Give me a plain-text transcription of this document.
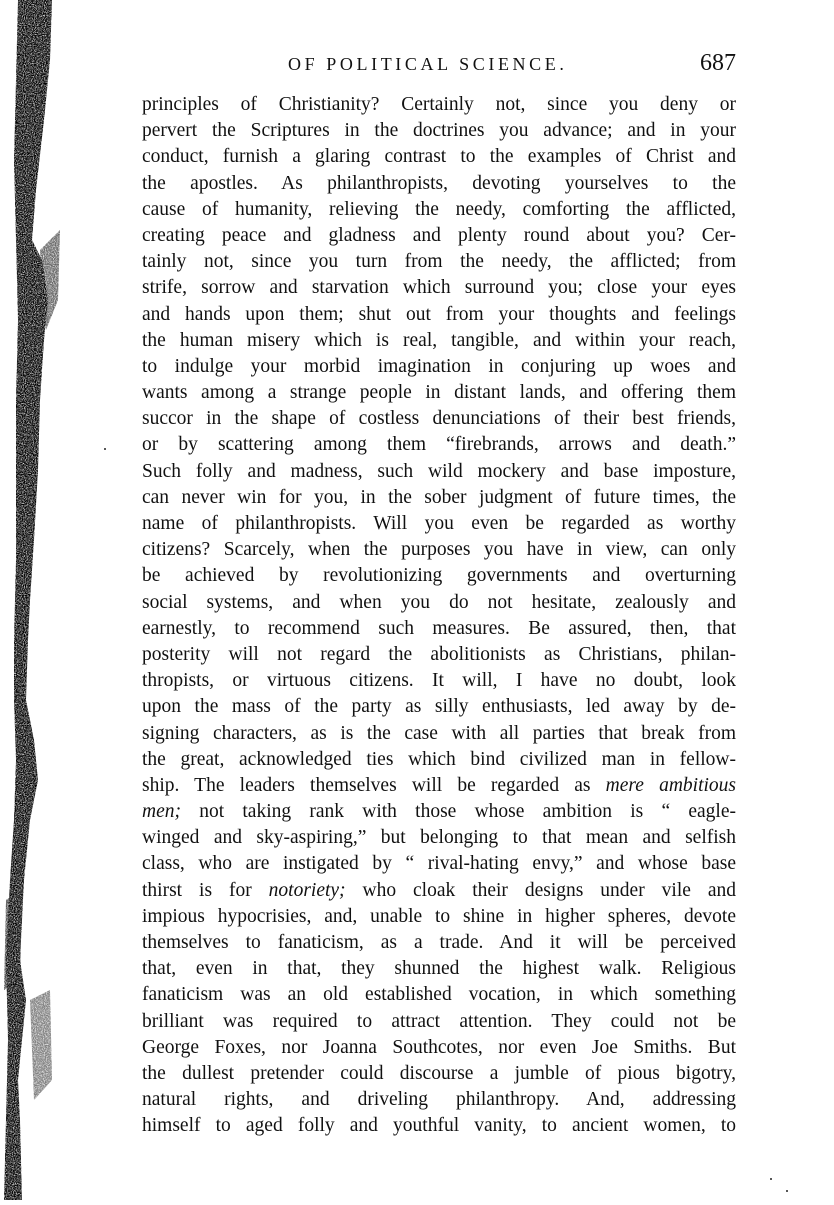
OF POLITICAL SCIENCE.	687
principles of Christianity? Certainly not, since you deny or
pervert the Scriptures in the doctrines you advance; and in your
conduct, furnish a glaring contrast to the examples of Christ and
the apostles. As philanthropists, devoting yourselves to the
cause of humanity, relieving the needy, comforting the afflicted,
creating peace and gladness and plenty round about you? Cer-
tainly not, since you turn from the needy, the afflicted; from
strife, sorrow and starvation which surround you; close your eyes
and hands upon them; shut out from your thoughts and feelings
the human misery which is real, tangible, and within your reach,
to indulge your morbid imagination in conjuring up woes and
wants among a strange people in distant lands, and offering them
succor in the shape of costless denunciations of their best friends,
or by scattering among them “firebrands, arrows and death.”
Such folly and madness, such wild mockery and base imposture,
can never win for you, in the sober judgment of future times, the
name of philanthropists. Will you even be regarded as worthy
citizens? Scarcely, when the purposes you have in view, can only
be achieved by revolutionizing governments and overturning
social systems, and when you do not hesitate, zealously and
earnestly, to recommend such measures. Be assured, then, that
posterity will not regard the abolitionists as Christians, philan-
thropists, or virtuous citizens. It will, I have no doubt, look
upon the mass of the party as silly enthusiasts, led away by de-
signing characters, as is the case with all parties that break from
the great, acknowledged ties which bind civilized man in fellow-
ship. The leaders themselves will be regarded as mere ambitious
men; not taking rank with those whose ambition is “ eagle-
winged and sky-aspiring,” but belonging to that mean and selfish
class, who are instigated by “ rival-hating envy,” and whose base
thirst is for notoriety; who cloak their designs under vile and
impious hypocrisies, and, unable to shine in higher spheres, devote
themselves to fanaticism, as a trade. And it will be perceived
that, even in that, they shunned the highest walk. Religious
fanaticism was an old established vocation, in which something
brilliant was required to attract attention. They could not be
George Foxes, nor Joanna Southcotes, nor even Joe Smiths. But
the dullest pretender could discourse a jumble of pious bigotry,
natural rights, and driveling philanthropy. And, addressing
himself to aged folly and youthful vanity, to ancient women, to
